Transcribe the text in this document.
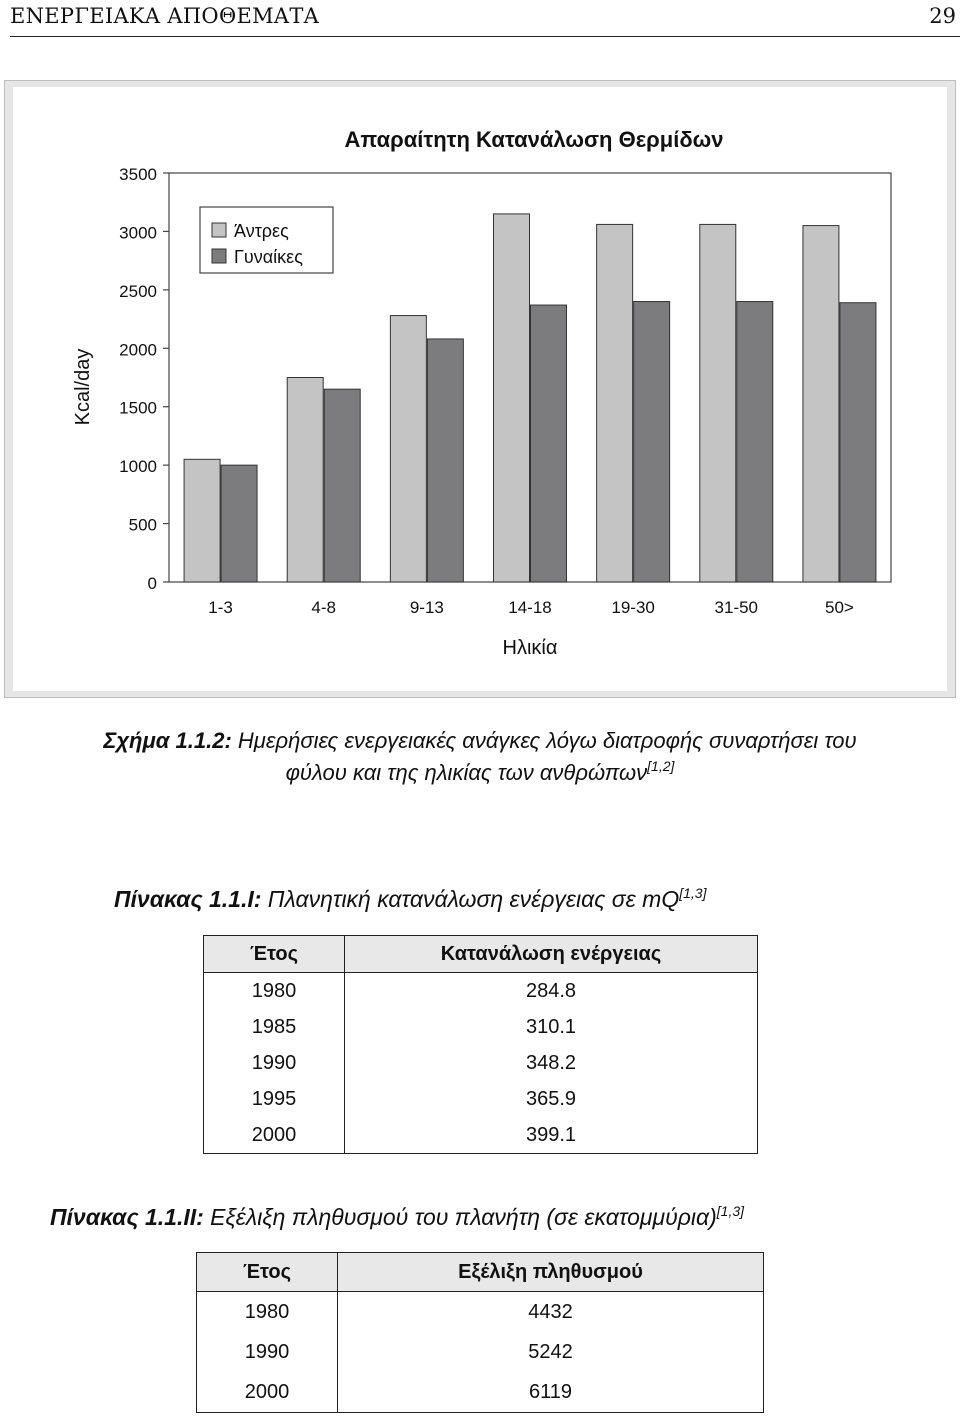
ΕΝΕΡΓΕΙΑΚΑ ΑΠΟΘΕΜΑΤΑ	29
Απαραίτητη Κατανάλωση Θερμίδων
Kcal/day
Ηλικία
0
500
1000
1500
2000
2500
3000
3500
1-3	4-8	9-13	14-18	19-30	31-50	50>
Άντρες
Γυναίκες
Σχήμα 1.1.2: Ημερήσιες ενεργειακές ανάγκες λόγω διατροφής συναρτήσει του
φύλου και της ηλικίας των ανθρώπων[1,2]
Πίνακας 1.1.I: Πλανητική κατανάλωση ενέργειας σε mQ[1,3]
Έτος	Κατανάλωση ενέργειας
1980	284.8
1985	310.1
1990	348.2
1995	365.9
2000	399.1
Πίνακας 1.1.II: Εξέλιξη πληθυσμού του πλανήτη (σε εκατομμύρια)[1,3]
Έτος	Εξέλιξη πληθυσμού
1980	4432
1990	5242
2000	6119
